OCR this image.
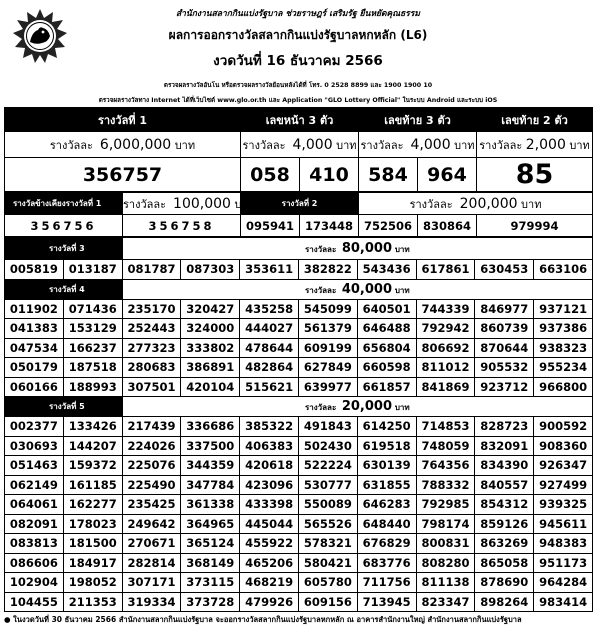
สำนักงานสลากกินแบ่งรัฐบาล ช่วยราษฎร์ เสริมรัฐ ยืนหยัดคุณธรรม
ผลการออกรางวัลสลากกินแบ่งรัฐบาลหกหลัก (L6)
งวดวันที่ 16 ธันวาคม 2566
ตรวจผลรางวัลอันโน หรือตรวจผลรางวัลย้อนหลังได้ที่ โทร. 0 2528 8899 และ 1900 1900 10
ตรวจผลรางวัลทาง Internet ได้ที่เว็บไซต์ www.glo.or.th และ Application "GLO Lottery Official" ในระบบ Android และระบบ iOS
รางวัลที่ 1	เลขหน้า 3 ตัว		เลขท้าย 3 ตัว		เลขท้าย 2 ตัว
รางวัลละ 6,000,000 บาท	รางวัลละ 4,000 บาท		รางวัลละ 4,000 บาท		รางวัลละ 2,000 บาท
356757	058	410	584	964	85
รางวัลข้างเคียงรางวัลที่ 1	รางวัลละ 100,000 บาท	รางวัลที่ 2		รางวัลละ 200,000 บาท		
356756	356758	095941	173448	752506	830864	979994
รางวัลที่ 3		รางวัลละ 80,000 บาท							
005819	013187	081787	087303	353611	382822	543436	617861	630453	663106
รางวัลที่ 4		รางวัลละ 40,000 บาท							
011902	071436	235170	320427	435258	545099	640501	744339	846977	937121
041383	153129	252443	324000	444027	561379	646488	792942	860739	937386
047534	166237	277323	333802	478644	609199	656804	806692	870644	938323
050179	187518	280683	386891	482864	627849	660598	811012	905532	955234
060166	188993	307501	420104	515621	639977	661857	841869	923712	966800
รางวัลที่ 5		รางวัลละ 20,000 บาท							
002377	133426	217439	336686	385322	491843	614250	714853	828723	900592
030693	144207	224026	337500	406383	502430	619518	748059	832091	908360
051463	159372	225076	344359	420618	522224	630139	764356	834390	926347
062149	161185	225490	347784	423096	530777	631855	788332	840557	927499
064061	162277	235425	361338	433398	550089	646283	792985	854312	939325
082091	178023	249642	364965	445044	565526	648440	798174	859126	945611
083813	181500	270671	365124	455922	578321	676829	800831	863269	948383
086606	184917	282814	368149	465206	580421	683776	808280	865058	951173
102904	198052	307171	373115	468219	605780	711756	811138	878690	964284
104455	211353	319334	373728	479926	609156	713945	823347	898264	983414
● ในงวดวันที่ 30 ธันวาคม 2566 สำนักงานสลากกินแบ่งรัฐบาล จะออกรางวัลสลากกินแบ่งรัฐบาลหกหลัก ณ อาคารสำนักงานใหญ่ สำนักงานสลากกินแบ่งรัฐบาล
